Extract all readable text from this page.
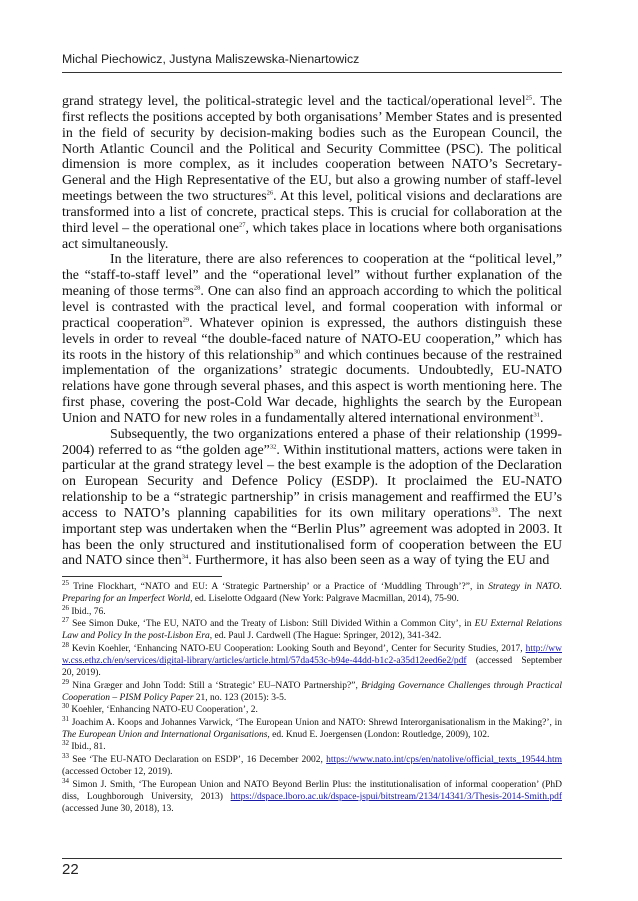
Michal Piechowicz, Justyna Maliszewska-Nienartowicz

grand strategy level, the political-strategic level and the tactical/operational level$^{25}$. The first reflects the positions accepted by both organisations’ Member States and is presented in the field of security by decision-making bodies such as the European Council, the North Atlantic Council and the Political and Security Committee (PSC). The political dimension is more complex, as it includes cooperation between NATO’s Secretary-General and the High Representative of the EU, but also a growing number of staff-level meetings between the two structures$^{26}$. At this level, political visions and declarations are transformed into a list of concrete, practical steps. This is crucial for collaboration at the third level – the operational one$^{27}$, which takes place in locations where both organisations act simultaneously.

In the literature, there are also references to cooperation at the “political level,” the “staff-to-staff level” and the “operational level” without further explanation of the meaning of those terms$^{28}$. One can also find an approach according to which the political level is contrasted with the practical level, and formal cooperation with informal or practical cooperation$^{29}$. Whatever opinion is expressed, the authors distinguish these levels in order to reveal “the double-faced nature of NATO-EU cooperation,” which has its roots in the history of this relationship$^{30}$ and which continues because of the restrained implementation of the organizations’ strategic documents. Undoubtedly, EU-NATO relations have gone through several phases, and this aspect is worth mentioning here. The first phase, covering the post-Cold War decade, highlights the search by the European Union and NATO for new roles in a fundamentally altered international environment$^{31}$.

Subsequently, the two organizations entered a phase of their relationship (1999-2004) referred to as “the golden age”$^{32}$. Within institutional matters, actions were taken in particular at the grand strategy level – the best example is the adoption of the Declaration on European Security and Defence Policy (ESDP). It proclaimed the EU-NATO relationship to be a “strategic partnership” in crisis management and reaffirmed the EU’s access to NATO’s planning capabilities for its own military operations$^{33}$. The next important step was undertaken when the “Berlin Plus” agreement was adopted in 2003. It has been the only structured and institutionalised form of cooperation between the EU and NATO since then$^{34}$. Furthermore, it has also been seen as a way of tying the EU and

$^{25}$ Trine Flockhart, “NATO and EU: A ‘Strategic Partnership’ or a Practice of ‘Muddling Through’?”, in Strategy in NATO. Preparing for an Imperfect World, ed. Liselotte Odgaard (New York: Palgrave Macmillan, 2014), 75-90.

$^{26}$ Ibid., 76.

$^{27}$ See Simon Duke, ‘The EU, NATO and the Treaty of Lisbon: Still Divided Within a Common City’, in EU External Relations Law and Policy In the post-Lisbon Era, ed. Paul J. Cardwell (The Hague: Springer, 2012), 341-342.

$^{28}$ Kevin Koehler, ‘Enhancing NATO-EU Cooperation: Looking South and Beyond’, Center for Security Studies, 2017, http://www.css.ethz.ch/en/services/digital-library/articles/article.html/57da453c-b94e-44dd-b1c2-a35d12eed6e2/pdf (accessed September 20, 2019).

$^{29}$ Nina Græger and John Todd: Still a ‘Strategic’ EU–NATO Partnership?”, Bridging Governance Challenges through Practical Cooperation – PISM Policy Paper 21, no. 123 (2015): 3-5.

$^{30}$ Koehler, ‘Enhancing NATO-EU Cooperation’, 2.

$^{31}$ Joachim A. Koops and Johannes Varwick, ‘The European Union and NATO: Shrewd Interorganisationalism in the Making?’, in The European Union and International Organisations, ed. Knud E. Joergensen (London: Routledge, 2009), 102.

$^{32}$ Ibid., 81.

$^{33}$ See ‘The EU-NATO Declaration on ESDP’, 16 December 2002, https://www.nato.int/cps/en/natolive/official_texts_19544.htm (accessed October 12, 2019).

$^{34}$ Simon J. Smith, ‘The European Union and NATO Beyond Berlin Plus: the institutionalisation of informal cooperation’ (PhD diss, Loughborough University, 2013) https://dspace.lboro.ac.uk/dspace-jspui/bitstream/2134/14341/3/Thesis-2014-Smith.pdf (accessed June 30, 2018), 13.

22
